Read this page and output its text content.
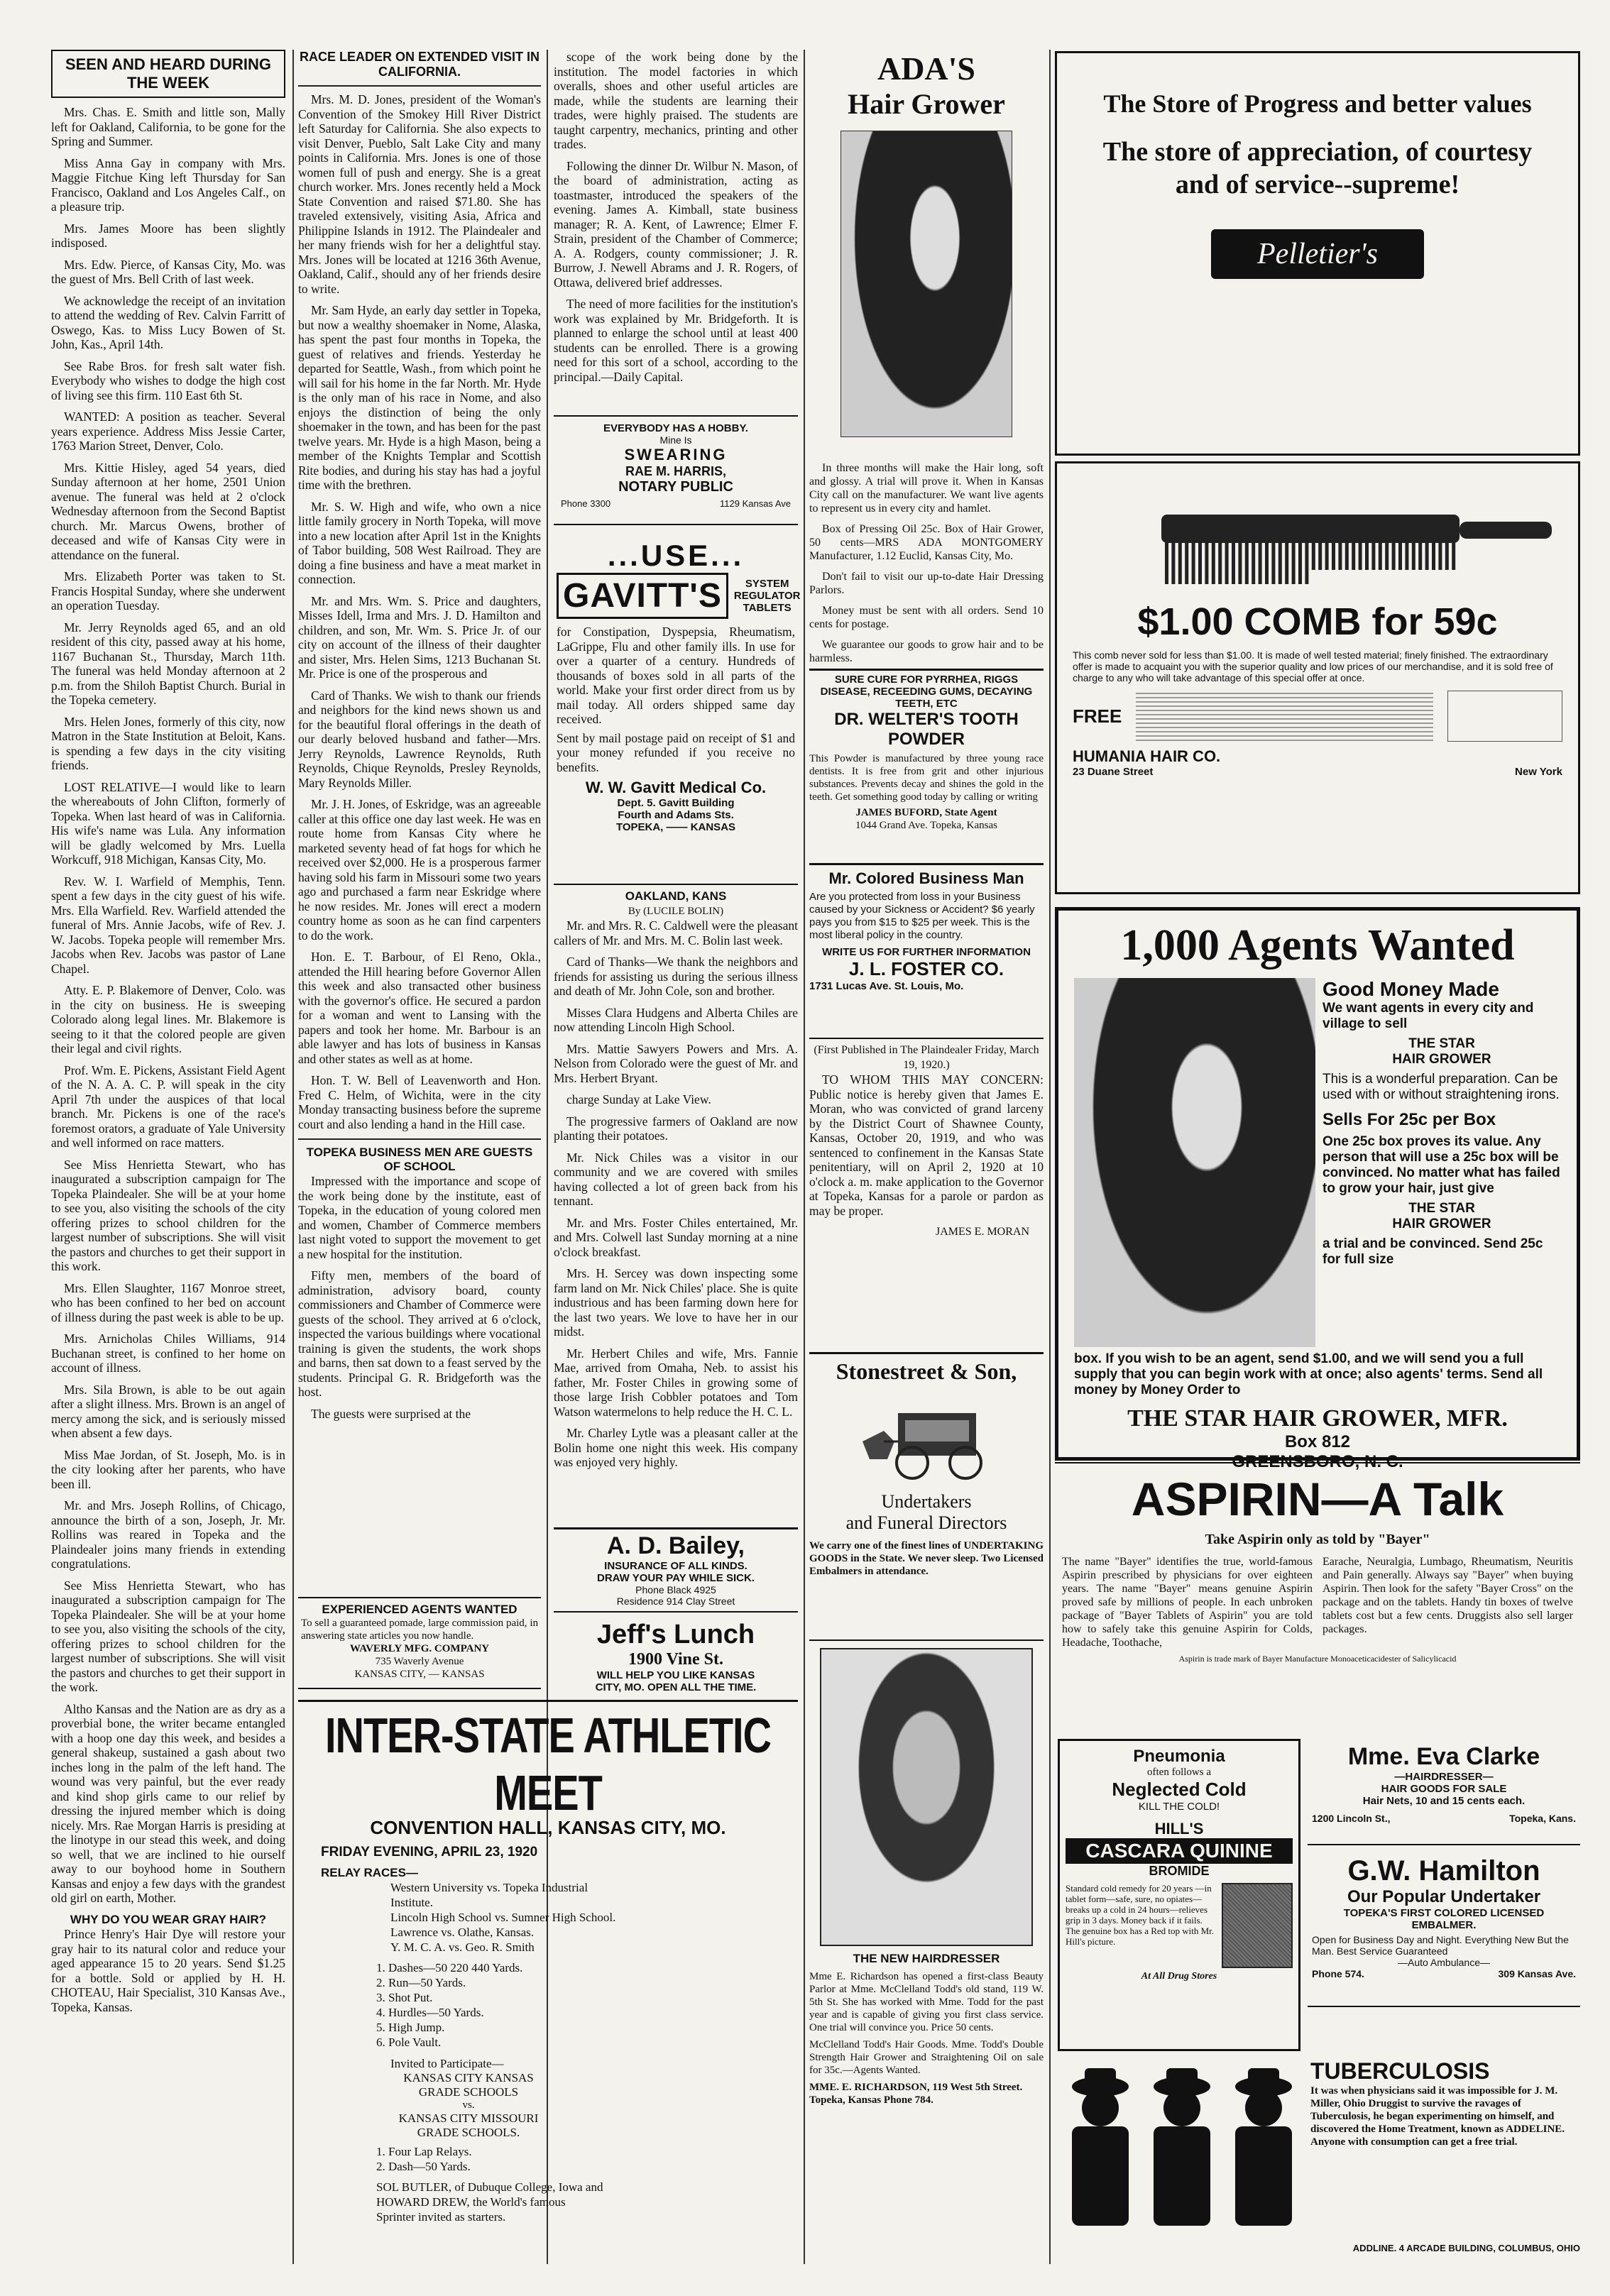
SEEN AND HEARD DURING THE WEEK

Mrs. Chas. E. Smith and little son, Mally left for Oakland, California, to be gone for the Spring and Summer.

Miss Anna Gay in company with Mrs. Maggie Fitchue King left Thursday for San Francisco, Oakland and Los Angeles Calf., on a pleasure trip.

Mrs. James Moore has been slightly indisposed.

Mrs. Edw. Pierce, of Kansas City, Mo. was the guest of Mrs. Bell Crith of last week.

We acknowledge the receipt of an invitation to attend the wedding of Rev. Calvin Farritt of Oswego, Kas. to Miss Lucy Bowen of St. John, Kas., April 14th.

See Rabe Bros. for fresh salt water fish. Everybody who wishes to dodge the high cost of living see this firm. 110 East 6th St.

WANTED: A position as teacher. Several years experience. Address Miss Jessie Carter, 1763 Marion Street, Denver, Colo.

Mrs. Kittie Hisley, aged 54 years, died Sunday afternoon at her home, 2501 Union avenue. The funeral was held at 2 o'clock Wednesday afternoon from the Second Baptist church. Mr. Marcus Owens, brother of deceased and wife of Kansas City were in attendance on the funeral.

Mrs. Elizabeth Porter was taken to St. Francis Hospital Sunday, where she underwent an operation Tuesday.

Mr. Jerry Reynolds aged 65, and an old resident of this city, passed away at his home, 1167 Buchanan St., Thursday, March 11th. The funeral was held Monday afternoon at 2 p.m. from the Shiloh Baptist Church. Burial in the Topeka cemetery.

Mrs. Helen Jones, formerly of this city, now Matron in the State Institution at Beloit, Kans. is spending a few days in the city visiting friends.

LOST RELATIVE—I would like to learn the whereabouts of John Clifton, formerly of Topeka. When last heard of was in California. His wife's name was Lula. Any information will be gladly welcomed by Mrs. Luella Workcuff, 918 Michigan, Kansas City, Mo.

Rev. W. I. Warfield of Memphis, Tenn. spent a few days in the city guest of his wife. Mrs. Ella Warfield. Rev. Warfield attended the funeral of Mrs. Annie Jacobs, wife of Rev. J. W. Jacobs. Topeka people will remember Mrs. Jacobs when Rev. Jacobs was pastor of Lane Chapel.

Atty. E. P. Blakemore of Denver, Colo. was in the city on business. He is sweeping Colorado along legal lines. Mr. Blakemore is seeing to it that the colored people are given their legal and civil rights.

Prof. Wm. E. Pickens, Assistant Field Agent of the N. A. A. C. P. will speak in the city April 7th under the auspices of that local branch. Mr. Pickens is one of the race's foremost orators, a graduate of Yale University and well informed on race matters.

See Miss Henrietta Stewart, who has inaugurated a subscription campaign for The Topeka Plaindealer. She will be at your home to see you, also visiting the schools of the city offering prizes to school children for the largest number of subscriptions. She will visit the pastors and churches to get their support in this work.

Mrs. Ellen Slaughter, 1167 Monroe street, who has been confined to her bed on account of illness during the past week is able to be up.

Mrs. Arnicholas Chiles Williams, 914 Buchanan street, is confined to her home on account of illness.

Mrs. Sila Brown, is able to be out again after a slight illness. Mrs. Brown is an angel of mercy among the sick, and is seriously missed when absent a few days.

Miss Mae Jordan, of St. Joseph, Mo. is in the city looking after her parents, who have been ill.

Mr. and Mrs. Joseph Rollins, of Chicago, announce the birth of a son, Joseph, Jr. Mr. Rollins was reared in Topeka and the Plaindealer joins many friends in extending congratulations.

See Miss Henrietta Stewart, who has inaugurated a subscription campaign for The Topeka Plaindealer. She will be at your home to see you, also visiting the schools of the city, offering prizes to school children for the largest number of subscriptions. She will visit the pastors and churches to get their support in the work.

Altho Kansas and the Nation are as dry as a proverbial bone, the writer became entangled with a hoop one day this week, and besides a general shakeup, sustained a gash about two inches long in the palm of the left hand. The wound was very painful, but the ever ready and kind shop girls came to our relief by dressing the injured member which is doing nicely. Mrs. Rae Morgan Harris is presiding at the linotype in our stead this week, and doing so well, that we are inclined to hie ourself away to our boyhood home in Southern Kansas and enjoy a few days with the grandest old girl on earth, Mother.

WHY DO YOU WEAR GRAY HAIR?

Prince Henry's Hair Dye will restore your gray hair to its natural color and reduce your aged appearance 15 to 20 years. Send $1.25 for a bottle. Sold or applied by H. H. CHOTEAU, Hair Specialist, 310 Kansas Ave., Topeka, Kansas.

RACE LEADER ON EXTENDED VISIT IN CALIFORNIA.

Mrs. M. D. Jones, president of the Woman's Convention of the Smokey Hill River District left Saturday for California. She also expects to visit Denver, Pueblo, Salt Lake City and many points in California. Mrs. Jones is one of those women full of push and energy. She is a great church worker. Mrs. Jones recently held a Mock State Convention and raised $71.80. She has traveled extensively, visiting Asia, Africa and Philippine Islands in 1912. The Plaindealer and her many friends wish for her a delightful stay. Mrs. Jones will be located at 1216 36th Avenue, Oakland, Calif., should any of her friends desire to write.

Mr. Sam Hyde, an early day settler in Topeka, but now a wealthy shoemaker in Nome, Alaska, has spent the past four months in Topeka, the guest of relatives and friends. Yesterday he departed for Seattle, Wash., from which point he will sail for his home in the far North. Mr. Hyde is the only man of his race in Nome, and also enjoys the distinction of being the only shoemaker in the town, and has been for the past twelve years. Mr. Hyde is a high Mason, being a member of the Knights Templar and Scottish Rite bodies, and during his stay has had a joyful time with the brethren.

Mr. S. W. High and wife, who own a nice little family grocery in North Topeka, will move into a new location after April 1st in the Knights of Tabor building, 508 West Railroad. They are doing a fine business and have a meat market in connection.

Mr. and Mrs. Wm. S. Price and daughters, Misses Idell, Irma and Mrs. J. D. Hamilton and children, and son, Mr. Wm. S. Price Jr. of our city on account of the illness of their daughter and sister, Mrs. Helen Sims, 1213 Buchanan St. Mr. Price is one of the prosperous and

Card of Thanks. We wish to thank our friends and neighbors for the kind news shown us and for the beautiful floral offerings in the death of our dearly beloved husband and father—Mrs. Jerry Reynolds, Lawrence Reynolds, Ruth Reynolds, Chique Reynolds, Presley Reynolds, Mary Reynolds Miller.

Mr. J. H. Jones, of Eskridge, was an agreeable caller at this office one day last week. He was en route home from Kansas City where he marketed seventy head of fat hogs for which he received over $2,000. He is a prosperous farmer having sold his farm in Missouri some two years ago and purchased a farm near Eskridge where he now resides. Mr. Jones will erect a modern country home as soon as he can find carpenters to do the work.

Hon. E. T. Barbour, of El Reno, Okla., attended the Hill hearing before Governor Allen this week and also transacted other business with the governor's office. He secured a pardon for a woman and went to Lansing with the papers and took her home. Mr. Barbour is an able lawyer and has lots of business in Kansas and other states as well as at home.

Hon. T. W. Bell of Leavenworth and Hon. Fred C. Helm, of Wichita, were in the city Monday transacting business before the supreme court and also lending a hand in the Hill case.

TOPEKA BUSINESS MEN ARE GUESTS OF SCHOOL

Impressed with the importance and scope of the work being done by the institute, east of Topeka, in the education of young colored men and women, Chamber of Commerce members last night voted to support the movement to get a new hospital for the institution.

Fifty men, members of the board of administration, advisory board, county commissioners and Chamber of Commerce were guests of the school. They arrived at 6 o'clock, inspected the various buildings where vocational training is given the students, the work shops and barns, then sat down to a feast served by the students. Principal G. R. Bridgeforth was the host.

The guests were surprised at the

EXPERIENCED AGENTS WANTED
To sell a guaranteed pomade, large commission paid, in answering state articles you now handle.
WAVERLY MFG. COMPANY
735 Waverly Avenue
KANSAS CITY, — KANSAS

scope of the work being done by the institution. The model factories in which overalls, shoes and other useful articles are made, while the students are learning their trades, were highly praised. The students are taught carpentry, mechanics, printing and other trades.

Following the dinner Dr. Wilbur N. Mason, of the board of administration, acting as toastmaster, introduced the speakers of the evening. James A. Kimball, state business manager; R. A. Kent, of Lawrence; Elmer F. Strain, president of the Chamber of Commerce; A. A. Rodgers, county commissioner; J. R. Burrow, J. Newell Abrams and J. R. Rogers, of Ottawa, delivered brief addresses.

The need of more facilities for the institution's work was explained by Mr. Bridgeforth. It is planned to enlarge the school until at least 400 students can be enrolled. There is a growing need for this sort of a school, according to the principal.—Daily Capital.

EVERYBODY HAS A HOBBY.
Mine Is
SWEARING
RAE M. HARRIS,
NOTARY PUBLIC
Phone 3300	1129 Kansas Ave
...USE...
GAVITT'S	SYSTEM REGULATOR TABLETS
for Constipation, Dyspepsia, Rheumatism, LaGrippe, Flu and other family ills. In use for over a quarter of a century. Hundreds of thousands of boxes sold in all parts of the world. Make your first order direct from us by mail today. All orders shipped same day received.
Sent by mail postage paid on receipt of $1 and your money refunded if you receive no benefits.
W. W. Gavitt Medical Co.
Dept. 5. Gavitt Building
Fourth and Adams Sts.
TOPEKA, —— KANSAS
OAKLAND, KANS
By (LUCILE BOLIN)

Mr. and Mrs. R. C. Caldwell were the pleasant callers of Mr. and Mrs. M. C. Bolin last week.

Card of Thanks—We thank the neighbors and friends for assisting us during the serious illness and death of Mr. John Cole, son and brother.

Misses Clara Hudgens and Alberta Chiles are now attending Lincoln High School.

Mrs. Mattie Sawyers Powers and Mrs. A. Nelson from Colorado were the guest of Mr. and Mrs. Herbert Bryant.

charge Sunday at Lake View.

The progressive farmers of Oakland are now planting their potatoes.

Mr. Nick Chiles was a visitor in our community and we are covered with smiles having collected a lot of green back from his tennant.

Mr. and Mrs. Foster Chiles entertained, Mr. and Mrs. Colwell last Sunday morning at a nine o'clock breakfast.

Mrs. H. Sercey was down inspecting some farm land on Mr. Nick Chiles' place. She is quite industrious and has been farming down here for the last two years. We love to have her in our midst.

Mr. Herbert Chiles and wife, Mrs. Fannie Mae, arrived from Omaha, Neb. to assist his father, Mr. Foster Chiles in growing some of those large Irish Cobbler potatoes and Tom Watson watermelons to help reduce the H. C. L.

Mr. Charley Lytle was a pleasant caller at the Bolin home one night this week. His company was enjoyed very highly.

A. D. Bailey,
INSURANCE OF ALL KINDS.
DRAW YOUR PAY WHILE SICK.
Phone Black 4925
Residence 914 Clay Street
Jeff's Lunch
1900 Vine St.
WILL HELP YOU LIKE KANSAS
CITY, MO. OPEN ALL THE TIME.
INTER-STATE ATHLETIC MEET
CONVENTION HALL, KANSAS CITY, MO.
FRIDAY EVENING, APRIL 23, 1920
RELAY RACES—
Western University vs. Topeka Industrial Institute.
Lincoln High School vs. Sumner High School.
Lawrence vs. Olathe, Kansas.
Y. M. C. A. vs. Geo. R. Smith
1. Dashes—50 220 440 Yards.
2. Run—50 Yards.
3. Shot Put.
4. Hurdles—50 Yards.
5. High Jump.
6. Pole Vault.
Invited to Participate—
KANSAS CITY KANSAS GRADE SCHOOLS
vs.
KANSAS CITY MISSOURI GRADE SCHOOLS.
1. Four Lap Relays.
2. Dash—50 Yards.
SOL BUTLER, of Dubuque College, Iowa and HOWARD DREW, the World's famous Sprinter invited as starters.
ADA'S
Hair Grower

In three months will make the Hair long, soft and glossy. A trial will prove it. When in Kansas City call on the manufacturer. We want live agents to represent us in every city and hamlet.

Box of Pressing Oil 25c. Box of Hair Grower, 50 cents—MRS ADA MONTGOMERY Manufacturer, 1.12 Euclid, Kansas City, Mo.

Don't fail to visit our up-to-date Hair Dressing Parlors.

Money must be sent with all orders. Send 10 cents for postage.

We guarantee our goods to grow hair and to be harmless.

SURE CURE FOR PYRRHEA, RIGGS DISEASE, RECEEDING GUMS, DECAYING TEETH, ETC
DR. WELTER'S TOOTH POWDER
This Powder is manufactured by three young race dentists. It is free from grit and other injurious substances. Prevents decay and shines the gold in the teeth. Get something good today by calling or writing
JAMES BUFORD, State Agent
1044 Grand Ave. Topeka, Kansas
Mr. Colored Business Man
Are you protected from loss in your Business caused by your Sickness or Accident? $6 yearly pays you from $15 to $25 per week. This is the most liberal policy in the country.
WRITE US FOR FURTHER INFORMATION
J. L. FOSTER CO.
1731 Lucas Ave. St. Louis, Mo.
(First Published in The Plaindealer Friday, March 19, 1920.)

TO WHOM THIS MAY CONCERN: Public notice is hereby given that James E. Moran, who was convicted of grand larceny by the District Court of Shawnee County, Kansas, October 20, 1919, and who was sentenced to confinement in the Kansas State penitentiary, will on April 2, 1920 at 10 o'clock a. m. make application to the Governor at Topeka, Kansas for a parole or pardon as may be proper.

JAMES E. MORAN
Stonestreet & Son,
Undertakers
and Funeral Directors
We carry one of the finest lines of UNDERTAKING GOODS in the State. We never sleep. Two Licensed Embalmers in attendance.
THE NEW HAIRDRESSER
Mme E. Richardson has opened a first-class Beauty Parlor at Mme. McClelland Todd's old stand, 119 W. 5th St. She has worked with Mme. Todd for the past year and is capable of giving you first class service. One trial will convince you. Price 50 cents.
McClelland Todd's Hair Goods. Mme. Todd's Double Strength Hair Grower and Straightening Oil on sale for 35c.—Agents Wanted.
MME. E. RICHARDSON, 119 West 5th Street. Topeka, Kansas Phone 784.
The Store of Progress and better values
The store of appreciation, of courtesy and of service--supreme!
Pelletier's
$1.00 COMB for 59c
This comb never sold for less than $1.00. It is made of well tested material; finely finished. The extraordinary offer is made to acquaint you with the superior quality and low prices of our merchandise, and it is sold free of charge to any who will take advantage of this special offer at once.
FREE
HUMANIA HAIR CO.
23 Duane Street	New York
1,000 Agents Wanted
Good Money Made
We want agents in every city and village to sell
THE STAR
HAIR GROWER
This is a wonderful preparation. Can be used with or without straightening irons.
Sells For 25c per Box
One 25c box proves its value. Any person that will use a 25c box will be convinced. No matter what has failed to grow your hair, just give
THE STAR
HAIR GROWER
a trial and be convinced. Send 25c for full size
box. If you wish to be an agent, send $1.00, and we will send you a full supply that you can begin work with at once; also agents' terms. Send all money by Money Order to
THE STAR HAIR GROWER, MFR.
Box 812
GREENSBORO, N. C.
ASPIRIN—A Talk
Take Aspirin only as told by "Bayer"
The name "Bayer" identifies the true, world-famous Aspirin prescribed by physicians for over eighteen years. The name "Bayer" means genuine Aspirin proved safe by millions of people. In each unbroken package of "Bayer Tablets of Aspirin" you are told how to safely take this genuine Aspirin for Colds, Headache, Toothache,
Earache, Neuralgia, Lumbago, Rheumatism, Neuritis and Pain generally. Always say "Bayer" when buying Aspirin. Then look for the safety "Bayer Cross" on the package and on the tablets. Handy tin boxes of twelve tablets cost but a few cents. Druggists also sell larger packages.
Aspirin is trade mark of Bayer Manufacture Monoaceticacidester of Salicylicacid
Pneumonia
often follows a
Neglected Cold
KILL THE COLD!
HILL'S
CASCARA QUININE
BROMIDE
Standard cold remedy for 20 years —in tablet form—safe, sure, no opiates—breaks up a cold in 24 hours—relieves grip in 3 days. Money back if it fails. The genuine box has a Red top with Mr. Hill's picture.
At All Drug Stores
Mme. Eva Clarke
—HAIRDRESSER—
HAIR GOODS FOR SALE
Hair Nets, 10 and 15 cents each.
1200 Lincoln St.,	Topeka, Kans.
G.W. Hamilton
Our Popular Undertaker
TOPEKA'S FIRST COLORED LICENSED EMBALMER.
Open for Business Day and Night. Everything New But the Man. Best Service Guaranteed
—Auto Ambulance—
Phone 574.	309 Kansas Ave.
TUBERCULOSIS
It was when physicians said it was impossible for J. M. Miller, Ohio Druggist to survive the ravages of Tuberculosis, he began experimenting on himself, and discovered the Home Treatment, known as ADDELINE. Anyone with consumption can get a free trial.
ADDLINE. 4 ARCADE BUILDING, COLUMBUS, OHIO
